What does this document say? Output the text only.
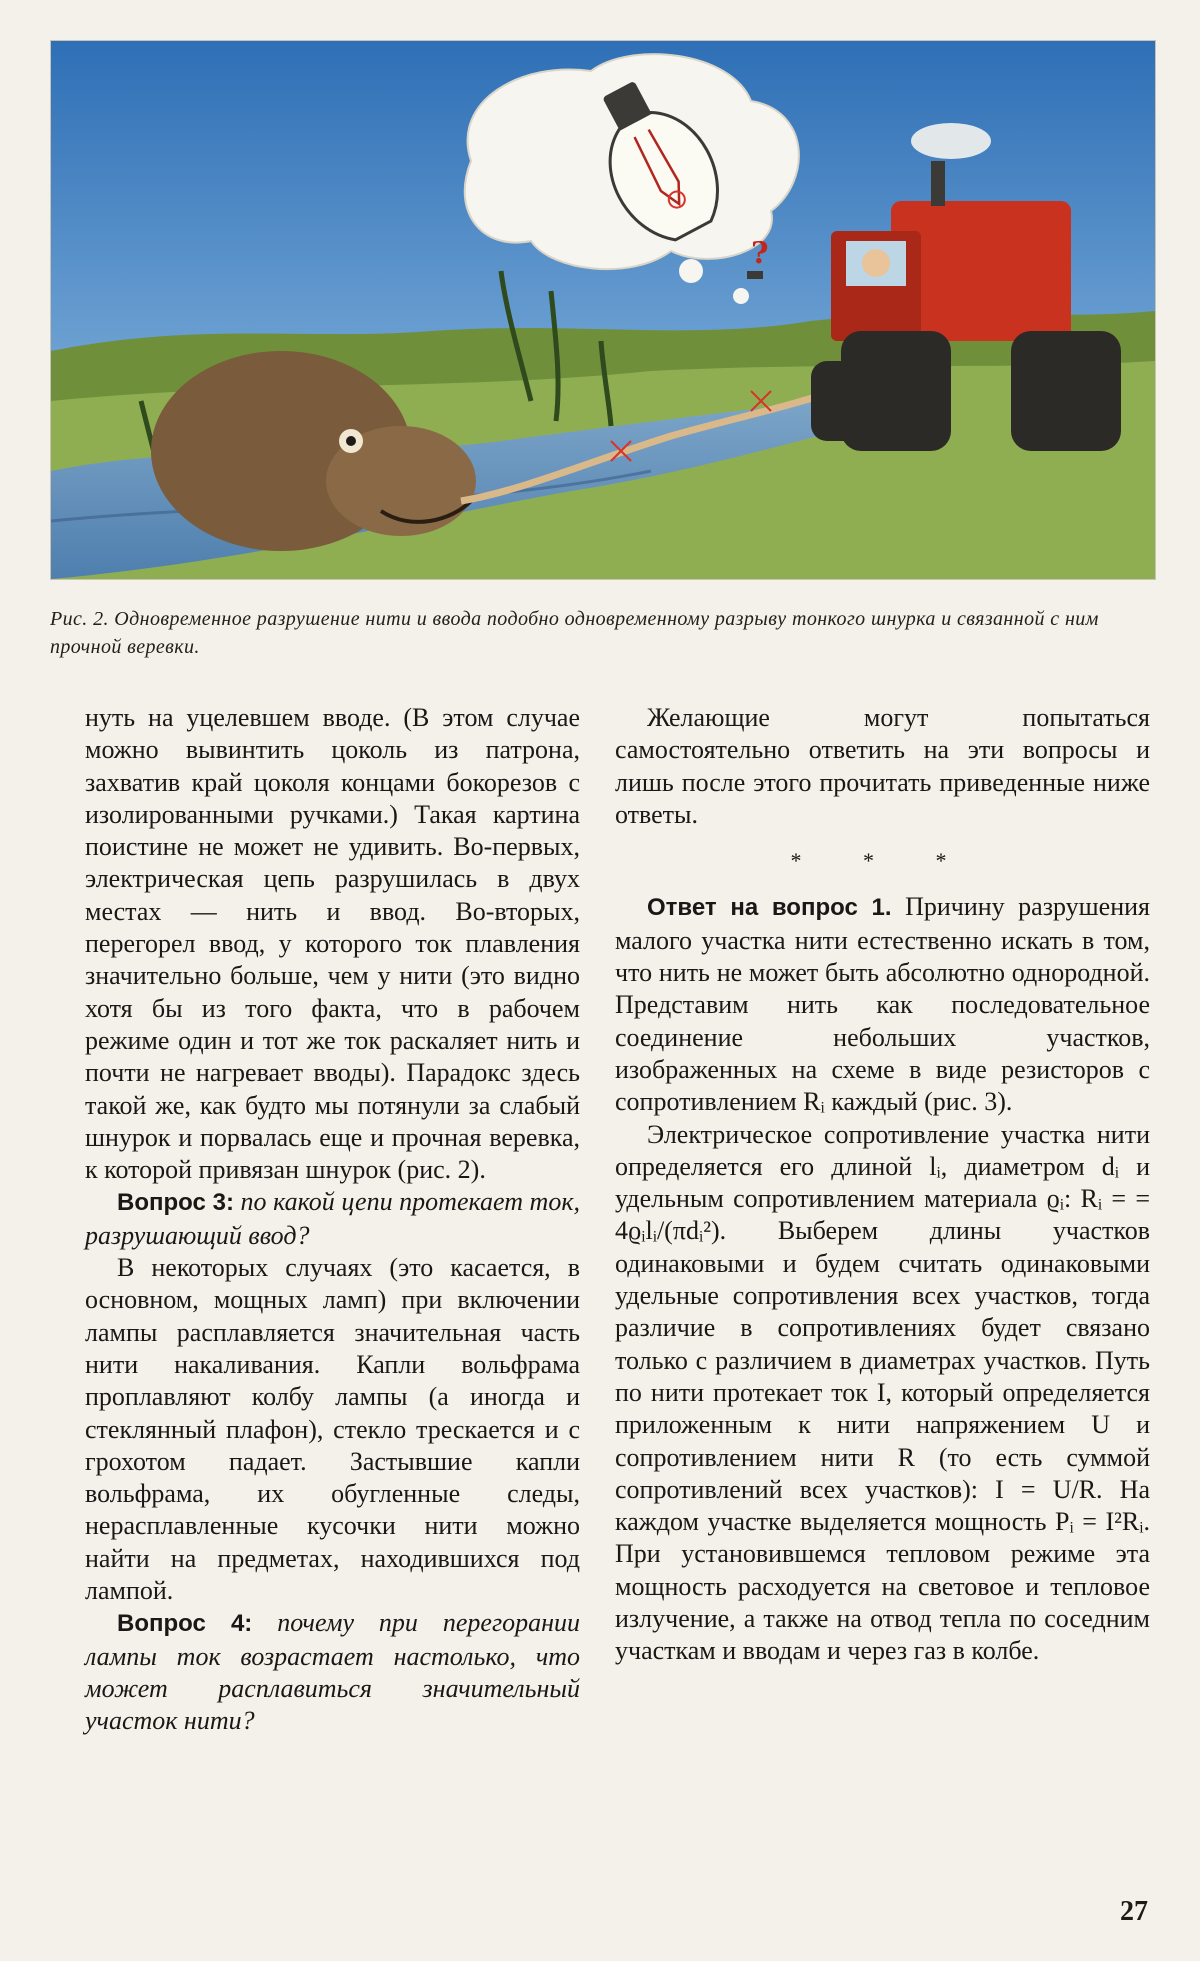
?
Рис. 2. Одновременное разрушение нити и ввода подобно одновременному разрыву тонкого шнурка и связанной с ним прочной веревки.

нуть на уцелевшем вводе. (В этом случае можно вывинтить цоколь из патрона, захватив край цоколя концами бокорезов с изолированными ручками.) Такая картина поистине не может не удивить. Во-первых, электрическая цепь разрушилась в двух местах — нить и ввод. Во-вторых, перегорел ввод, у которого ток плавления значительно больше, чем у нити (это видно хотя бы из того факта, что в рабочем режиме один и тот же ток раскаляет нить и почти не нагревает вводы). Парадокс здесь такой же, как будто мы потянули за слабый шнурок и порвалась еще и прочная веревка, к которой привязан шнурок (рис. 2).

Вопрос 3: по какой цепи протекает ток, разрушающий ввод?

В некоторых случаях (это касается, в основном, мощных ламп) при включении лампы расплавляется значительная часть нити накаливания. Капли вольфрама проплавляют колбу лампы (а иногда и стеклянный плафон), стекло трескается и с грохотом падает. Застывшие капли вольфрама, их обугленные следы, нерасплавленные кусочки нити можно найти на предметах, находившихся под лампой.

Вопрос 4: почему при перегорании лампы ток возрастает настолько, что может расплавиться значительный участок нити?

Желающие могут попытаться самостоятельно ответить на эти вопросы и лишь после этого прочитать приведенные ниже ответы.

* * *

Ответ на вопрос 1. Причину разрушения малого участка нити естественно искать в том, что нить не может быть абсолютно однородной. Представим нить как последовательное соединение небольших участков, изображенных на схеме в виде резисторов с сопротивлением Rᵢ каждый (рис. 3).

Электрическое сопротивление участка нити определяется его длиной lᵢ, диаметром dᵢ и удельным сопротивлением материала ϱᵢ: Rᵢ = = 4ϱᵢlᵢ/(πdᵢ²). Выберем длины участков одинаковыми и будем считать одинаковыми удельные сопротивления всех участков, тогда различие в сопротивлениях будет связано только с различием в диаметрах участков. Путь по нити протекает ток I, который определяется приложенным к нити напряжением U и сопротивлением нити R (то есть суммой сопротивлений всех участков): I = U/R. На каждом участке выделяется мощность Pᵢ = I²Rᵢ. При установившемся тепловом режиме эта мощность расходуется на световое и тепловое излучение, а также на отвод тепла по соседним участкам и вводам и через газ в колбе.

27
